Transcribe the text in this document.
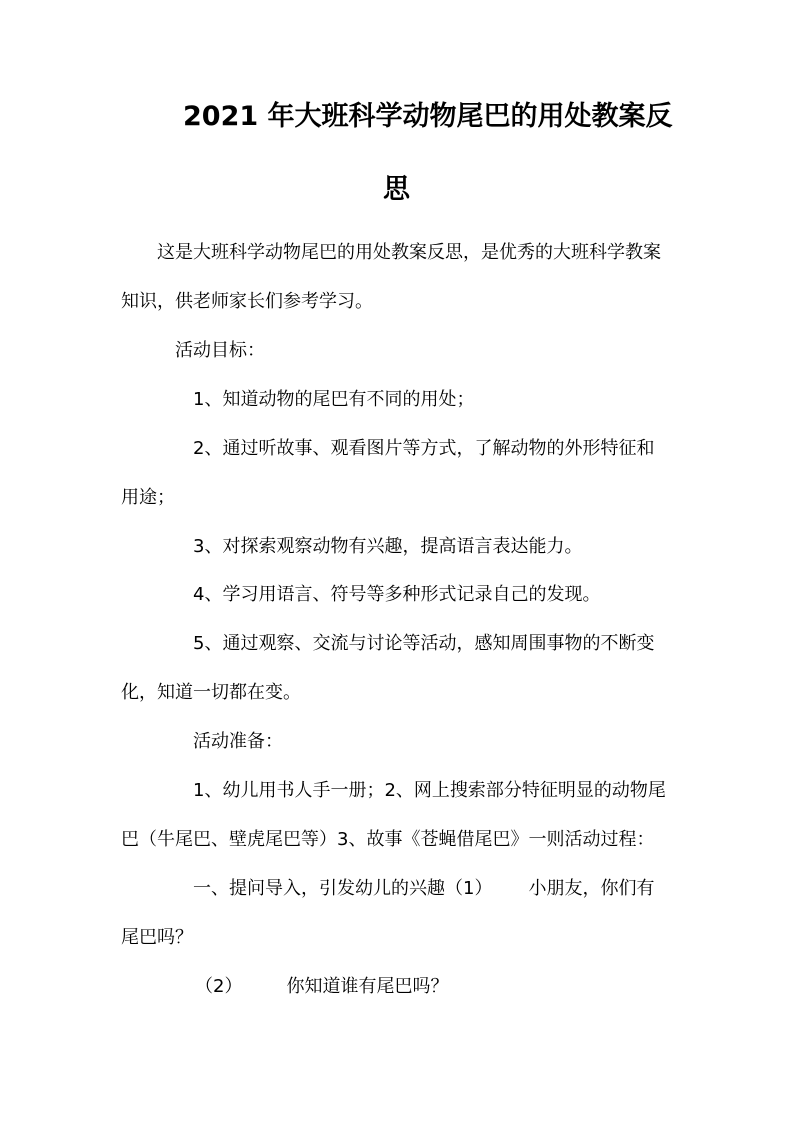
2021 年大班科学动物尾巴的用处教案反
思
这是大班科学动物尾巴的用处教案反思，是优秀的大班科学教案
知识，供老师家长们参考学习。
活动目标：
1、知道动物的尾巴有不同的用处；
2、通过听故事、观看图片等方式，了解动物的外形特征和
用途；
3、对探索观察动物有兴趣，提高语言表达能力。
4、学习用语言、符号等多种形式记录自己的发现。
5、通过观察、交流与讨论等活动，感知周围事物的不断变
化，知道一切都在变。
活动准备：
1、幼儿用书人手一册；2、网上搜索部分特征明显的动物尾
巴（牛尾巴、壁虎尾巴等）3、故事《苍蝇借尾巴》一则活动过程：
一、提问导入，引发幼儿的兴趣（1） 小朋友，你们有
尾巴吗？
（2） 你知道谁有尾巴吗？
